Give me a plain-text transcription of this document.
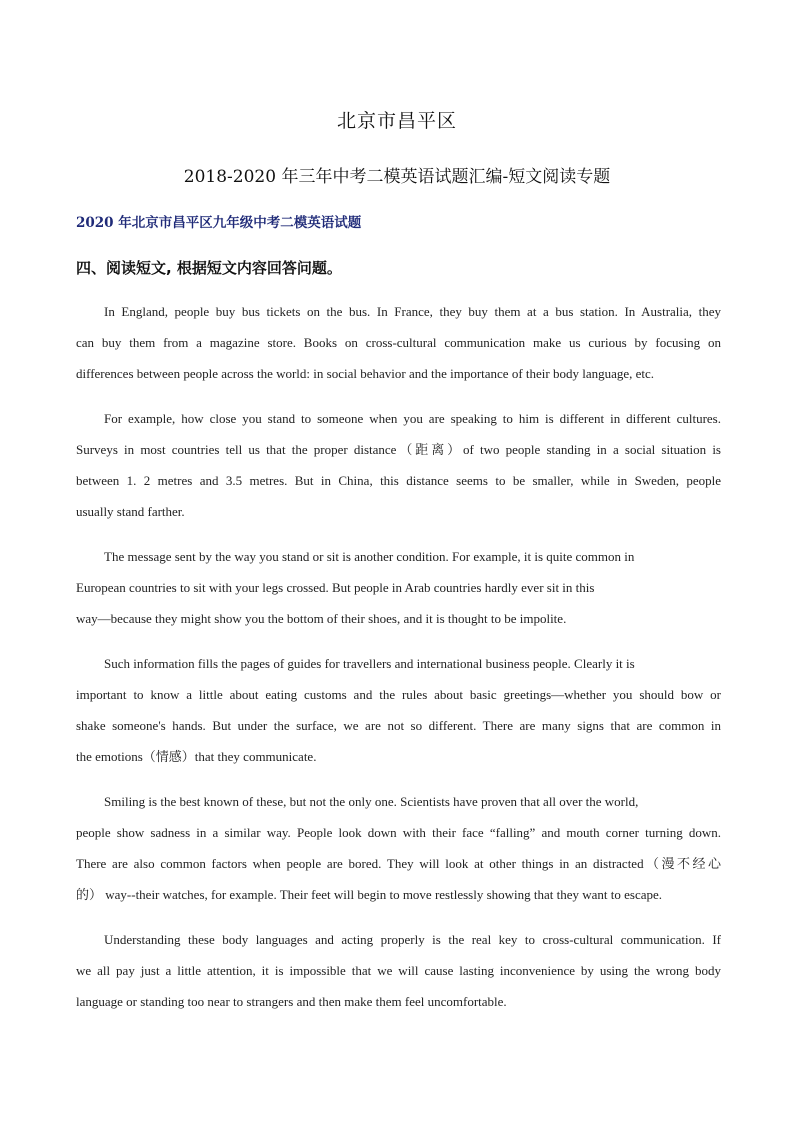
北京市昌平区
2018-2020 年三年中考二模英语试题汇编-短文阅读专题
2020 年北京市昌平区九年级中考二模英语试题
四、阅读短文, 根据短文内容回答问题。
In England, people buy bus tickets on the bus. In France, they buy them at a bus station. In Australia, they
can buy them from a magazine store. Books on cross-cultural communication make us curious by focusing on
differences between people across the world: in social behavior and the importance of their body language, etc.
For example, how close you stand to someone when you are speaking to him is different in different cultures.
Surveys in most countries tell us that the proper distance（距离）of two people standing in a social situation is
between 1. 2 metres and 3.5 metres. But in China, this distance seems to be smaller, while in Sweden, people
usually stand farther.
The message sent by the way you stand or sit is another condition. For example, it is quite common in
European countries to sit with your legs crossed. But people in Arab countries hardly ever sit in this
way—because they might show you the bottom of their shoes, and it is thought to be impolite.
Such information fills the pages of guides for travellers and international business people. Clearly it is
important to know a little about eating customs and the rules about basic greetings—whether you should bow or
shake someone's hands. But under the surface, we are not so different. There are many signs that are common in
the emotions（情感）that they communicate.
Smiling is the best known of these, but not the only one. Scientists have proven that all over the world,
people show sadness in a similar way. People look down with their face “falling” and mouth corner turning down.
There are also common factors when people are bored. They will look at other things in an distracted（漫不经心
的） way--their watches, for example. Their feet will begin to move restlessly showing that they want to escape.
Understanding these body languages and acting properly is the real key to cross-cultural communication. If
we all pay just a little attention, it is impossible that we will cause lasting inconvenience by using the wrong body
language or standing too near to strangers and then make them feel uncomfortable.
